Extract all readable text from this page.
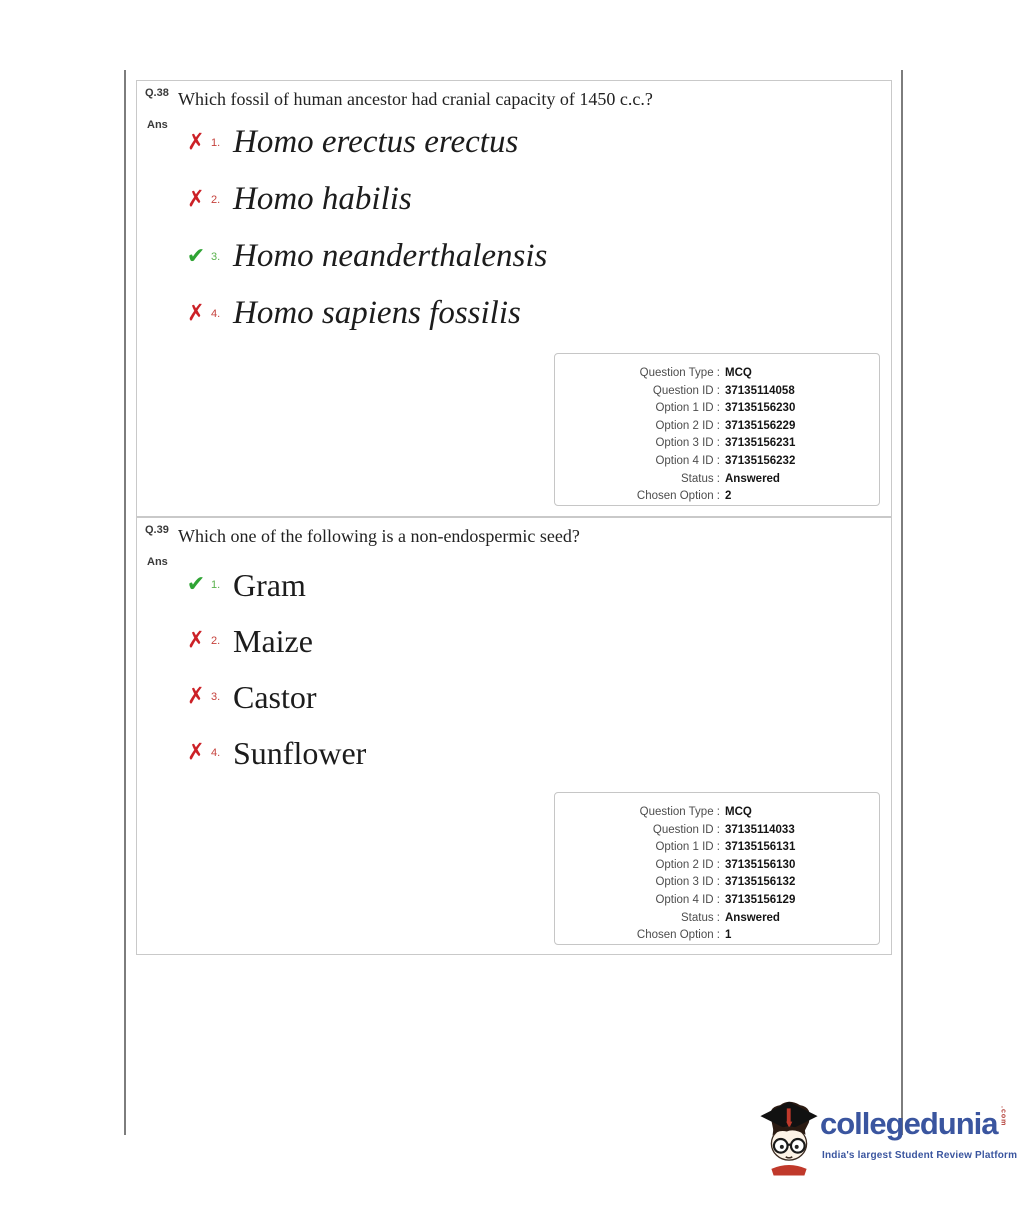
Q.38 Which fossil of human ancestor had cranial capacity of 1450 c.c.?
Ans
✗ 1. Homo erectus erectus
✗ 2. Homo habilis
✔ 3. Homo neanderthalensis
✗ 4. Homo sapiens fossilis
Question Type : MCQ
Question ID : 37135114058
Option 1 ID : 37135156230
Option 2 ID : 37135156229
Option 3 ID : 37135156231
Option 4 ID : 37135156232
Status : Answered
Chosen Option : 2
Q.39 Which one of the following is a non-endospermic seed?
Ans
✔ 1. Gram
✗ 2. Maize
✗ 3. Castor
✗ 4. Sunflower
Question Type : MCQ
Question ID : 37135114033
Option 1 ID : 37135156131
Option 2 ID : 37135156130
Option 3 ID : 37135156132
Option 4 ID : 37135156129
Status : Answered
Chosen Option : 1
collegedunia .com
India's largest Student Review Platform
